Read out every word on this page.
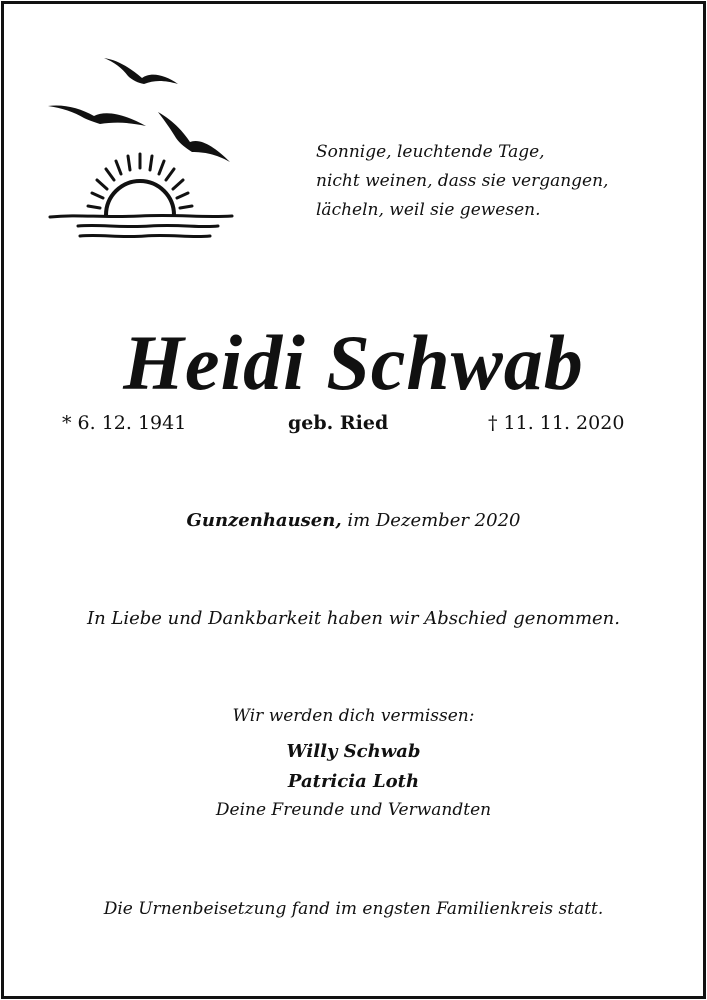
Sonnige, leuchtende Tage,
nicht weinen, dass sie vergangen,
lächeln, weil sie gewesen.
Heidi Schwab
* 6. 12. 1941	geb. Ried	† 11. 11. 2020
Gunzenhausen, im Dezember 2020
In Liebe und Dankbarkeit haben wir Abschied genommen.
Wir werden dich vermissen:
Willy Schwab
Patricia Loth
Deine Freunde und Verwandten
Die Urnenbeisetzung fand im engsten Familienkreis statt.
